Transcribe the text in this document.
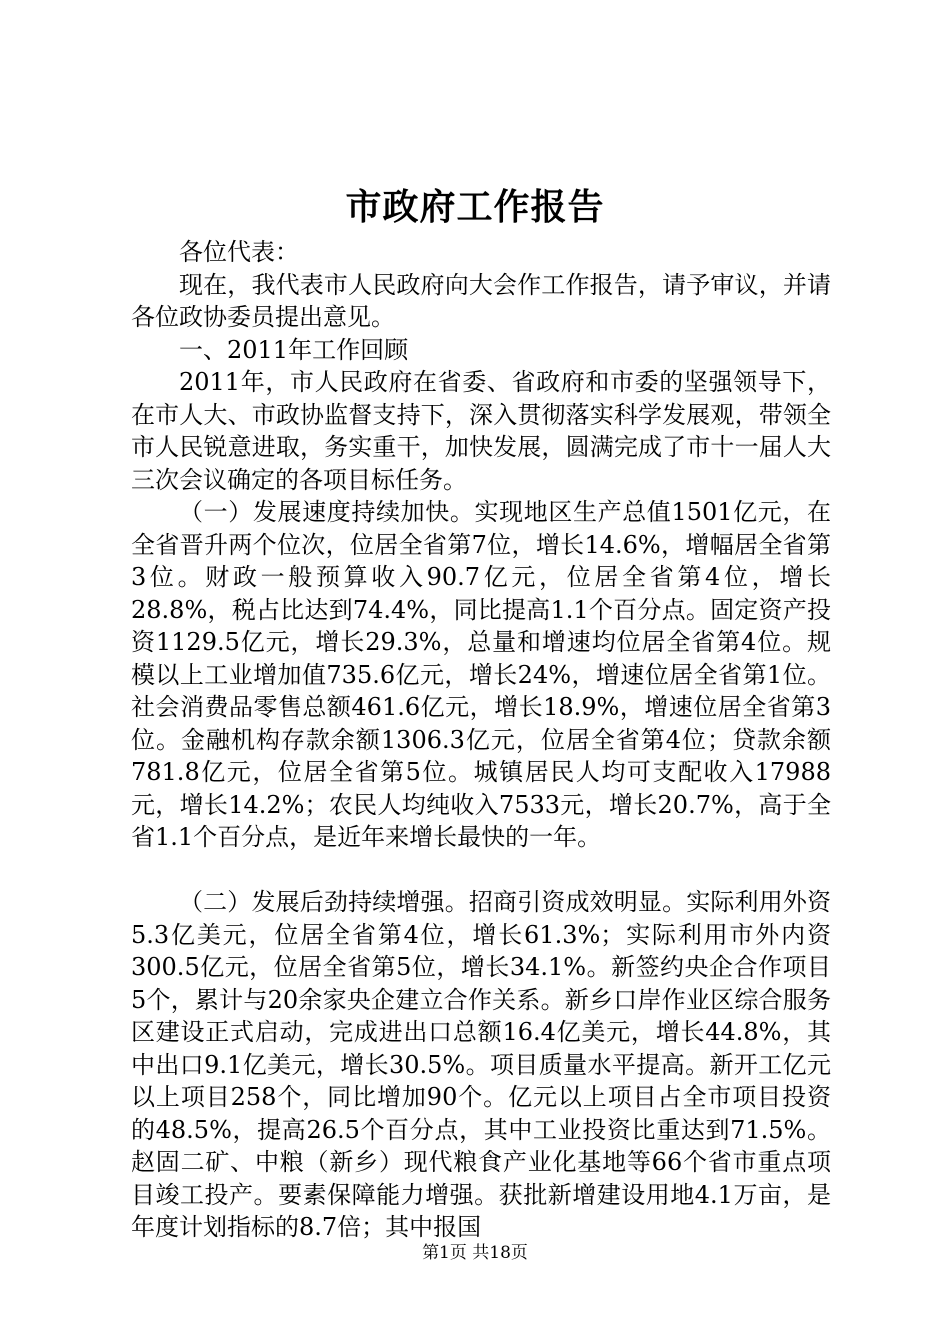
市政府工作报告

各位代表：

现在，我代表市人民政府向大会作工作报告，请予审议，并请各位政协委员提出意见。

一、2011年工作回顾

2011年，市人民政府在省委、省政府和市委的坚强领导下，在市人大、市政协监督支持下，深入贯彻落实科学发展观，带领全市人民锐意进取，务实重干，加快发展，圆满完成了市十一届人大三次会议确定的各项目标任务。

（一）发展速度持续加快。实现地区生产总值1501亿元，在全省晋升两个位次，位居全省第7位，增长14.6%，增幅居全省第3位。财政一般预算收入90.7亿元，位居全省第4位，增长28.8%，税占比达到74.4%，同比提高1.1个百分点。固定资产投资1129.5亿元，增长29.3%，总量和增速均位居全省第4位。规模以上工业增加值735.6亿元，增长24%，增速位居全省第1位。社会消费品零售总额461.6亿元，增长18.9%，增速位居全省第3位。金融机构存款余额1306.3亿元，位居全省第4位；贷款余额781.8亿元，位居全省第5位。城镇居民人均可支配收入17988元，增长14.2%；农民人均纯收入7533元，增长20.7%，高于全省1.1个百分点，是近年来增长最快的一年。

（二）发展后劲持续增强。招商引资成效明显。实际利用外资5.3亿美元，位居全省第4位，增长61.3%；实际利用市外内资300.5亿元，位居全省第5位，增长34.1%。新签约央企合作项目5个，累计与20余家央企建立合作关系。新乡口岸作业区综合服务区建设正式启动，完成进出口总额16.4亿美元，增长44.8%，其中出口9.1亿美元，增长30.5%。项目质量水平提高。新开工亿元以上项目258个，同比增加90个。亿元以上项目占全市项目投资的48.5%，提高26.5个百分点，其中工业投资比重达到71.5%。赵固二矿、中粮（新乡）现代粮食产业化基地等66个省市重点项目竣工投产。要素保障能力增强。获批新增建设用地4.1万亩，是年度计划指标的8.7倍；其中报国

第1页 共18页
